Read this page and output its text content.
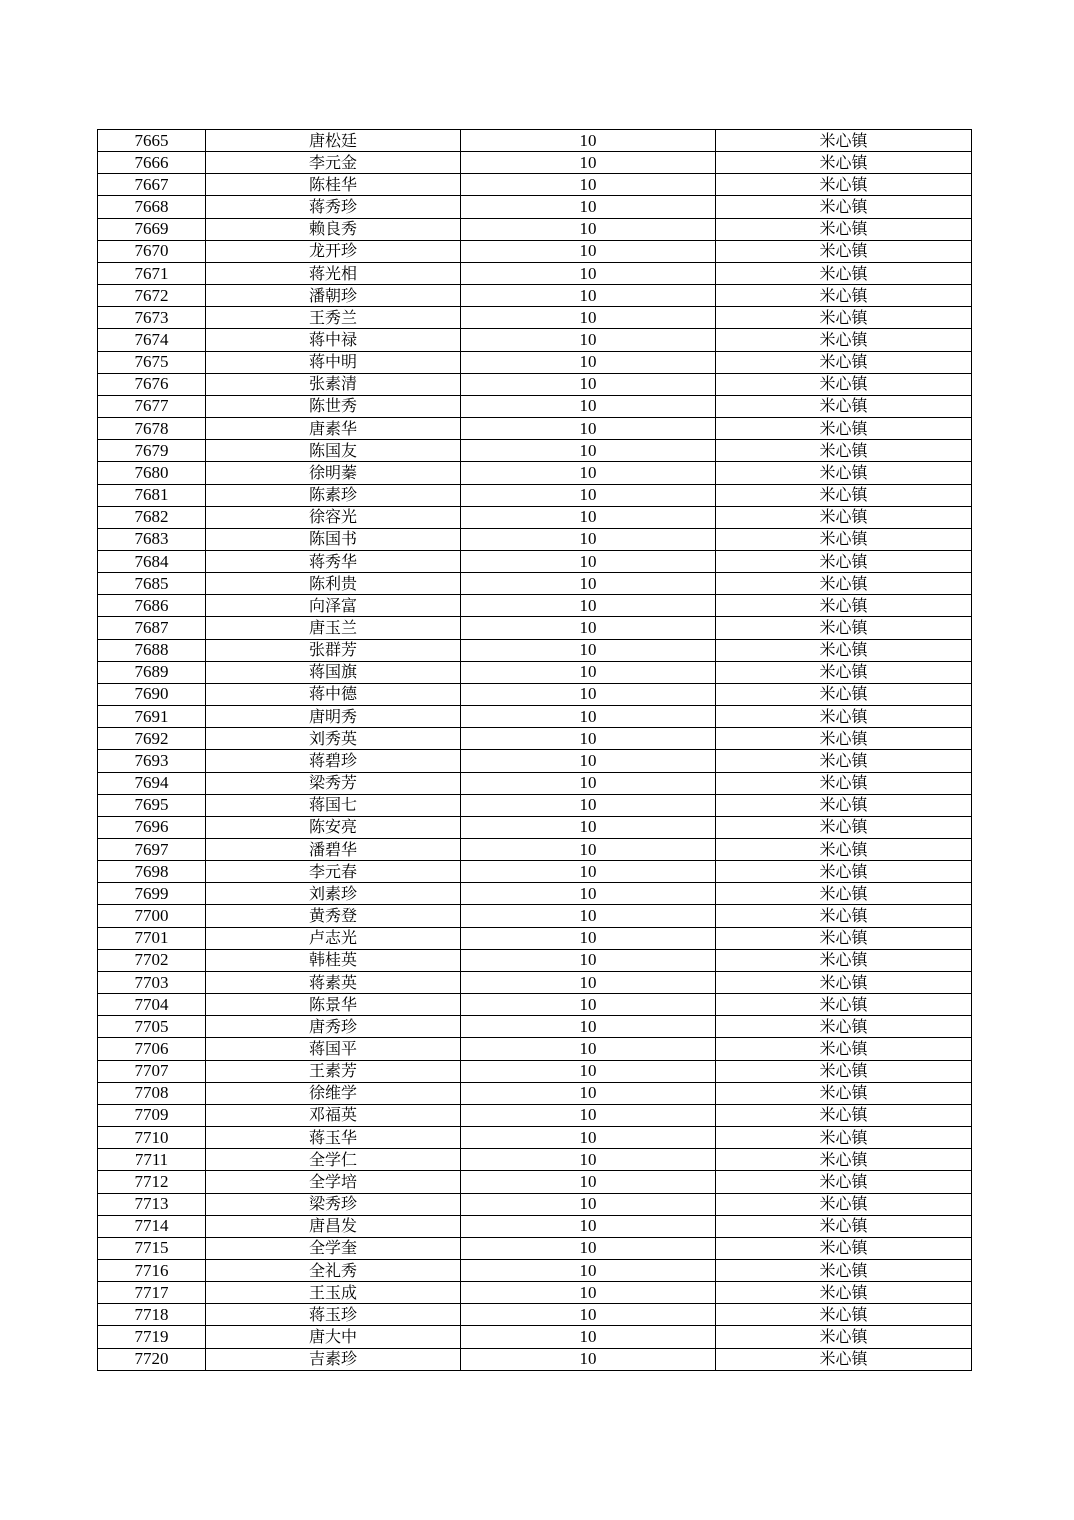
7665	唐松廷	10	米心镇
7666	李元金	10	米心镇
7667	陈桂华	10	米心镇
7668	蒋秀珍	10	米心镇
7669	赖良秀	10	米心镇
7670	龙开珍	10	米心镇
7671	蒋光相	10	米心镇
7672	潘朝珍	10	米心镇
7673	王秀兰	10	米心镇
7674	蒋中禄	10	米心镇
7675	蒋中明	10	米心镇
7676	张素清	10	米心镇
7677	陈世秀	10	米心镇
7678	唐素华	10	米心镇
7679	陈国友	10	米心镇
7680	徐明蓁	10	米心镇
7681	陈素珍	10	米心镇
7682	徐容光	10	米心镇
7683	陈国书	10	米心镇
7684	蒋秀华	10	米心镇
7685	陈利贵	10	米心镇
7686	向泽富	10	米心镇
7687	唐玉兰	10	米心镇
7688	张群芳	10	米心镇
7689	蒋国旗	10	米心镇
7690	蒋中德	10	米心镇
7691	唐明秀	10	米心镇
7692	刘秀英	10	米心镇
7693	蒋碧珍	10	米心镇
7694	梁秀芳	10	米心镇
7695	蒋国七	10	米心镇
7696	陈安亮	10	米心镇
7697	潘碧华	10	米心镇
7698	李元春	10	米心镇
7699	刘素珍	10	米心镇
7700	黄秀登	10	米心镇
7701	卢志光	10	米心镇
7702	韩桂英	10	米心镇
7703	蒋素英	10	米心镇
7704	陈景华	10	米心镇
7705	唐秀珍	10	米心镇
7706	蒋国平	10	米心镇
7707	王素芳	10	米心镇
7708	徐维学	10	米心镇
7709	邓福英	10	米心镇
7710	蒋玉华	10	米心镇
7711	全学仁	10	米心镇
7712	全学培	10	米心镇
7713	梁秀珍	10	米心镇
7714	唐昌发	10	米心镇
7715	全学奎	10	米心镇
7716	全礼秀	10	米心镇
7717	王玉成	10	米心镇
7718	蒋玉珍	10	米心镇
7719	唐大中	10	米心镇
7720	吉素珍	10	米心镇
